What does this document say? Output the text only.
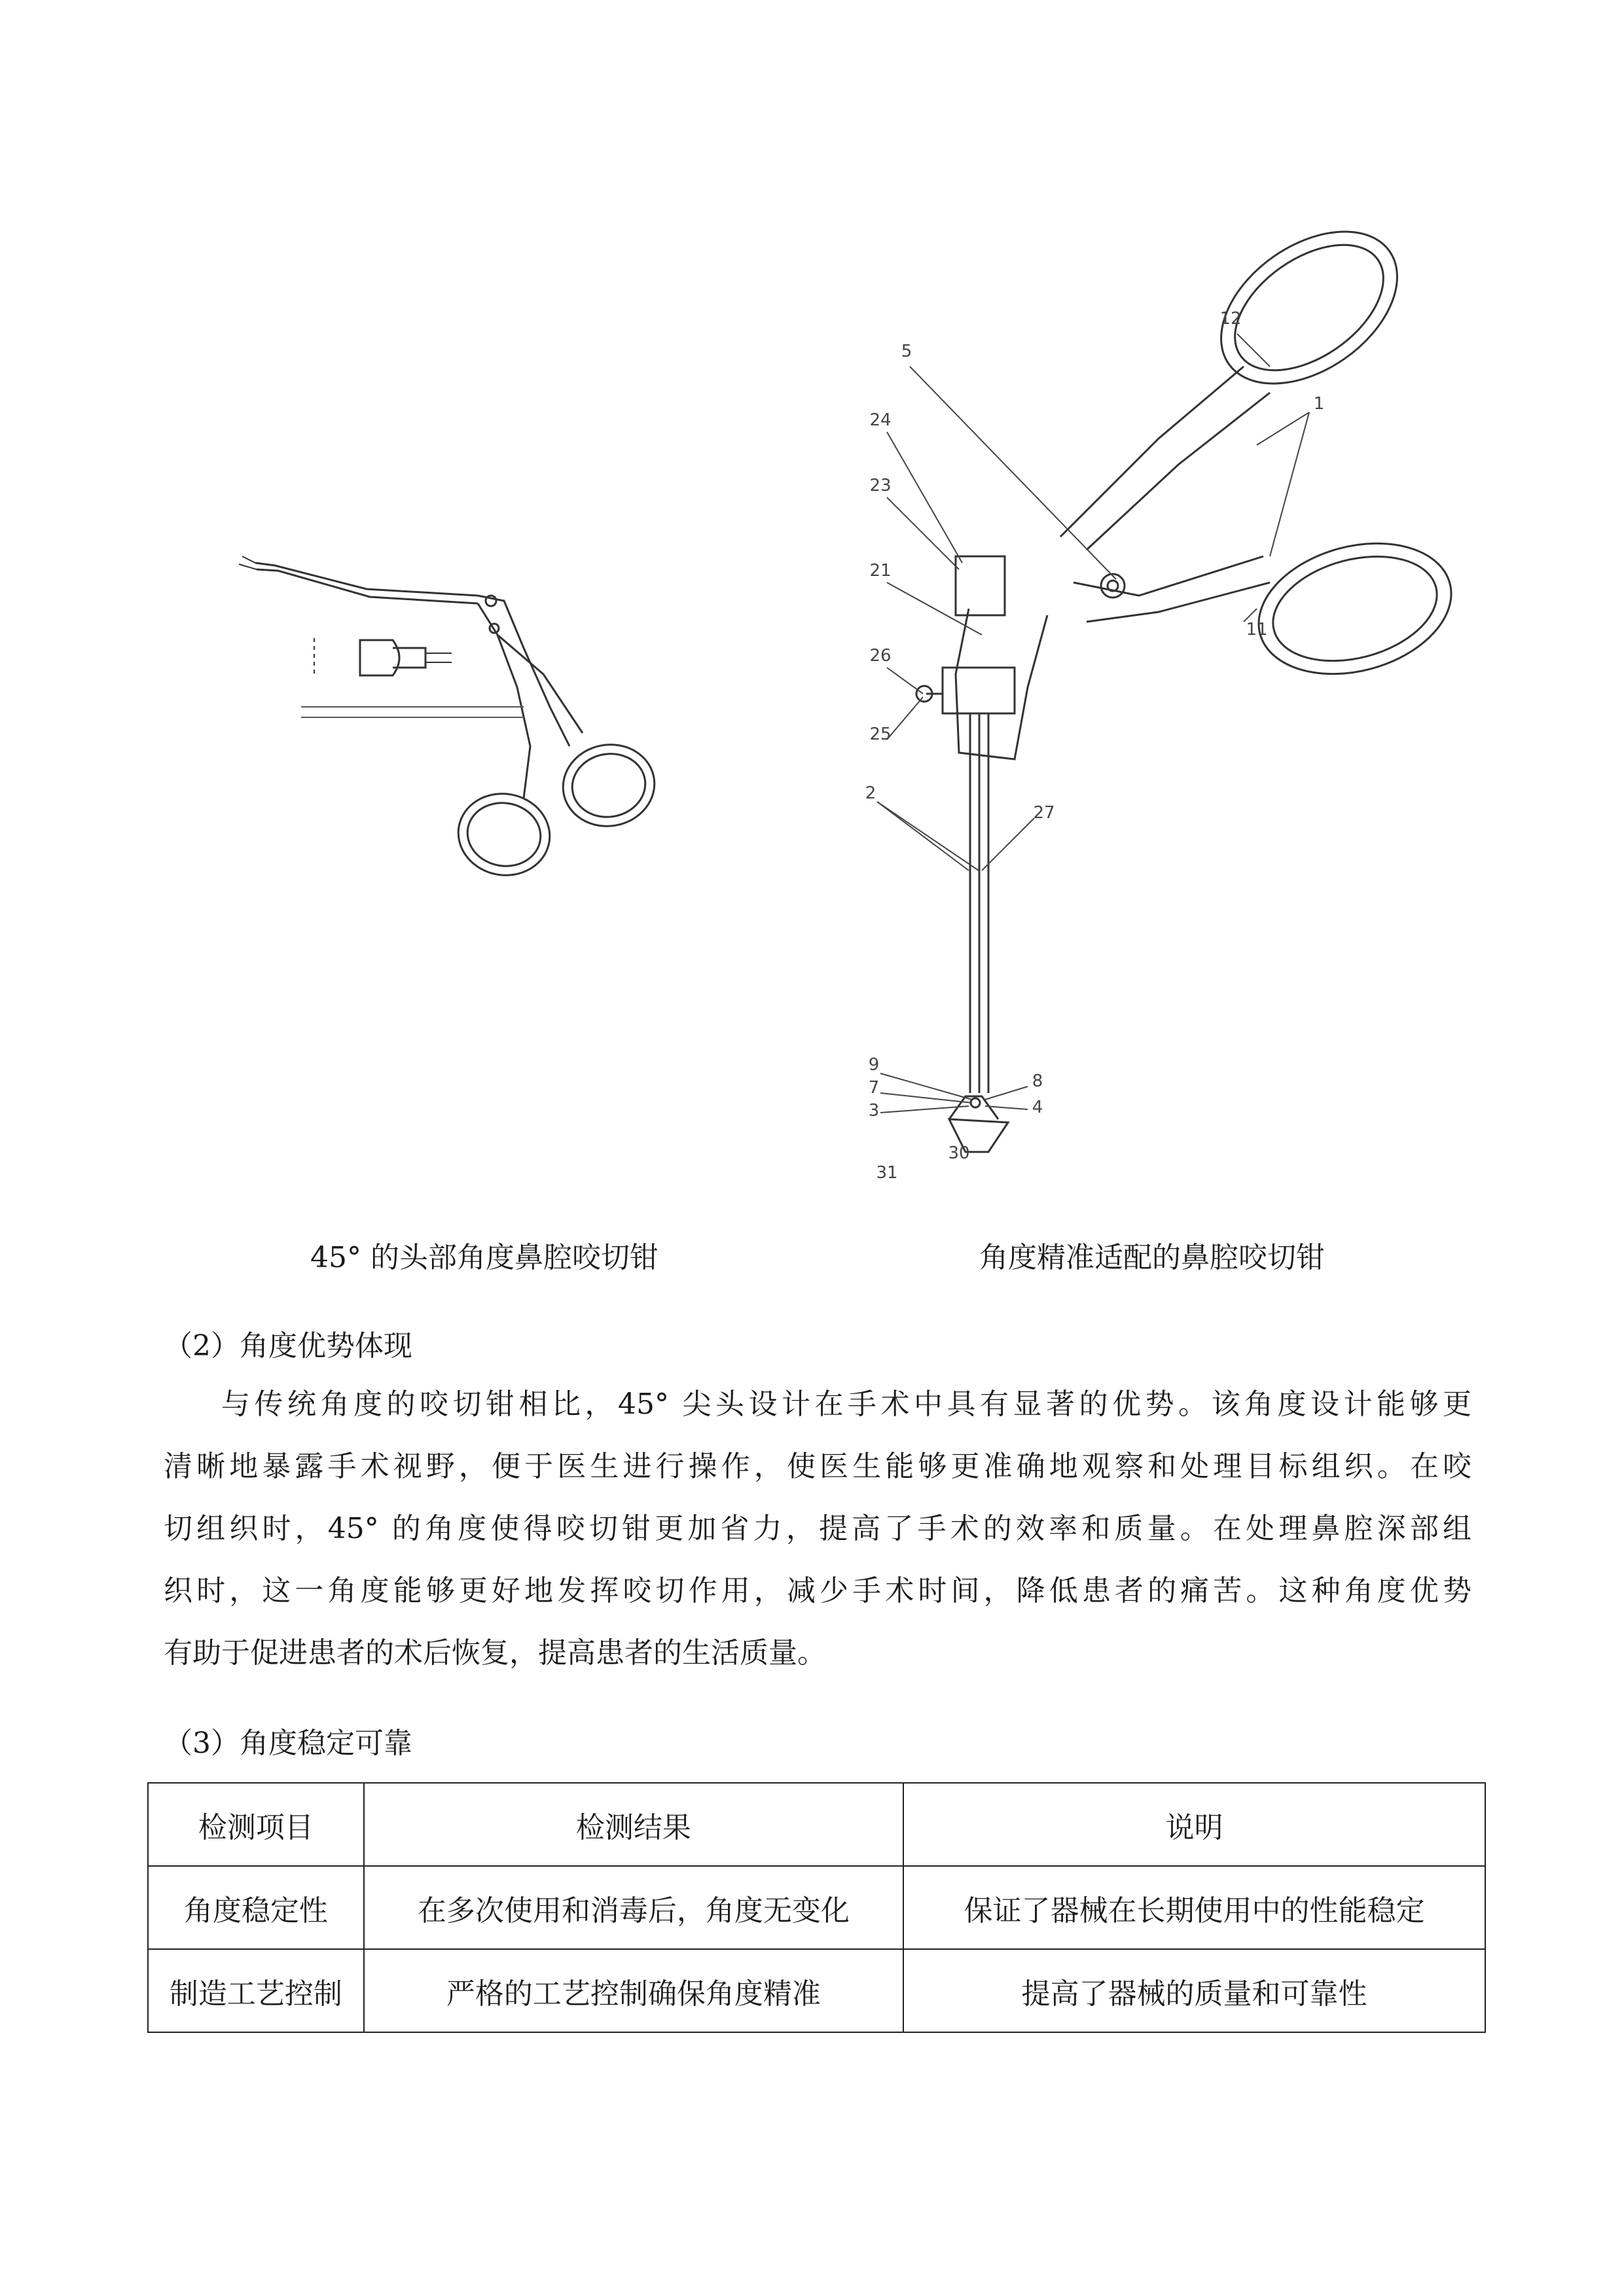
5
12
24
23
1
21
11
26
25
2
27
9
7
3
8
4
30
31
45° 的头部角度鼻腔咬切钳	角度精准适配的鼻腔咬切钳
（2）角度优势体现
与传统角度的咬切钳相比，45° 尖头设计在手术中具有显著的优势。该角度设计能够更
清晰地暴露手术视野，便于医生进行操作，使医生能够更准确地观察和处理目标组织。在咬
切组织时，45° 的角度使得咬切钳更加省力，提高了手术的效率和质量。在处理鼻腔深部组
织时，这一角度能够更好地发挥咬切作用，减少手术时间，降低患者的痛苦。这种角度优势
有助于促进患者的术后恢复，提高患者的生活质量。
（3）角度稳定可靠
检测项目	检测结果	说明
角度稳定性	在多次使用和消毒后，角度无变化	保证了器械在长期使用中的性能稳定
制造工艺控制	严格的工艺控制确保角度精准	提高了器械的质量和可靠性
